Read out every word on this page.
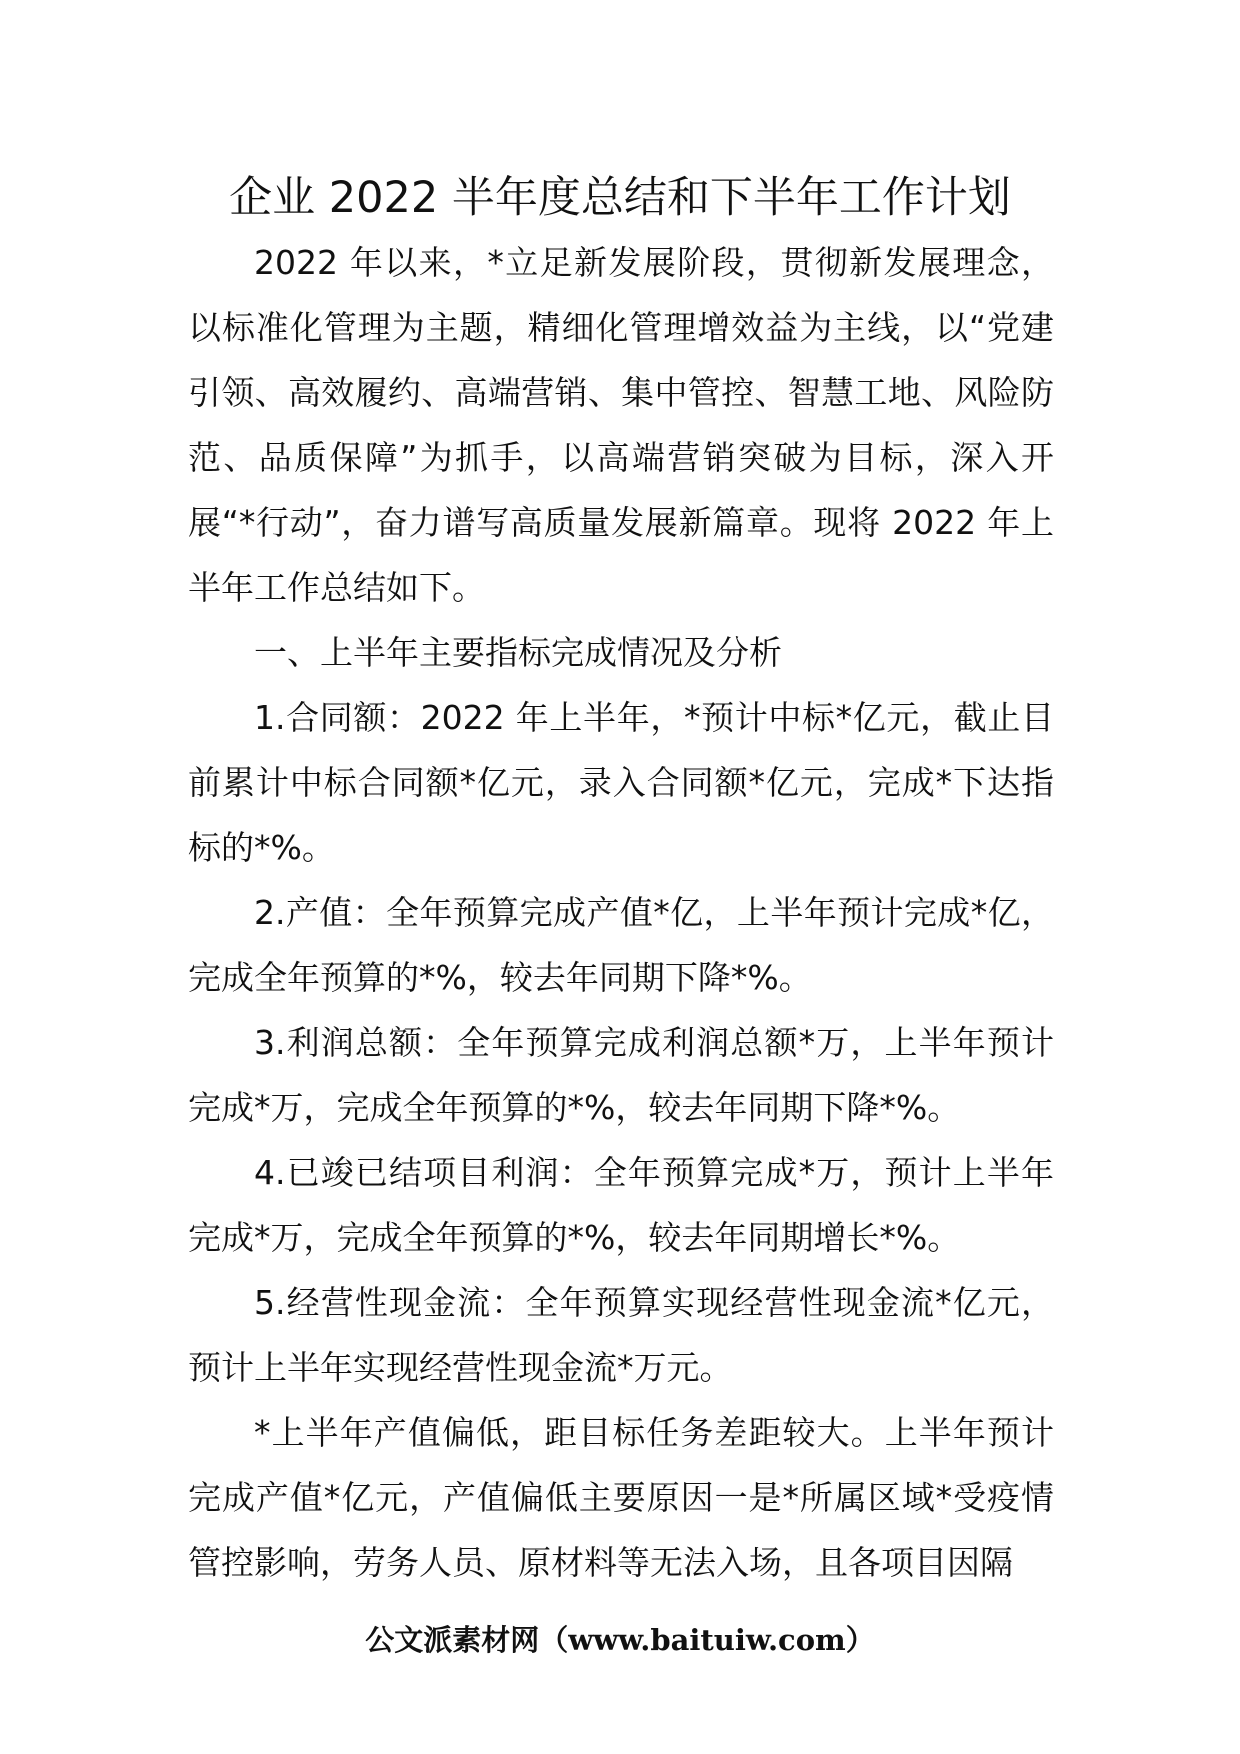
企业 2022 半年度总结和下半年工作计划

2022 年以来，*立足新发展阶段，贯彻新发展理念，以标准化管理为主题，精细化管理增效益为主线，以“党建引领、高效履约、高端营销、集中管控、智慧工地、风险防范、品质保障”为抓手，以高端营销突破为目标，深入开展“*行动”，奋力谱写高质量发展新篇章。现将 2022 年上半年工作总结如下。

一、上半年主要指标完成情况及分析

1.合同额：2022 年上半年，*预计中标*亿元，截止目前累计中标合同额*亿元，录入合同额*亿元，完成*下达指标的*%。

2.产值：全年预算完成产值*亿，上半年预计完成*亿，完成全年预算的*%，较去年同期下降*%。

3.利润总额：全年预算完成利润总额*万，上半年预计完成*万，完成全年预算的*%，较去年同期下降*%。

4.已竣已结项目利润：全年预算完成*万，预计上半年完成*万，完成全年预算的*%，较去年同期增长*%。

5.经营性现金流：全年预算实现经营性现金流*亿元，预计上半年实现经营性现金流*万元。

*上半年产值偏低，距目标任务差距较大。上半年预计完成产值*亿元，产值偏低主要原因一是*所属区域*受疫情管控影响，劳务人员、原材料等无法入场，且各项目因隔

公文派素材网（www.baituiw.com）
